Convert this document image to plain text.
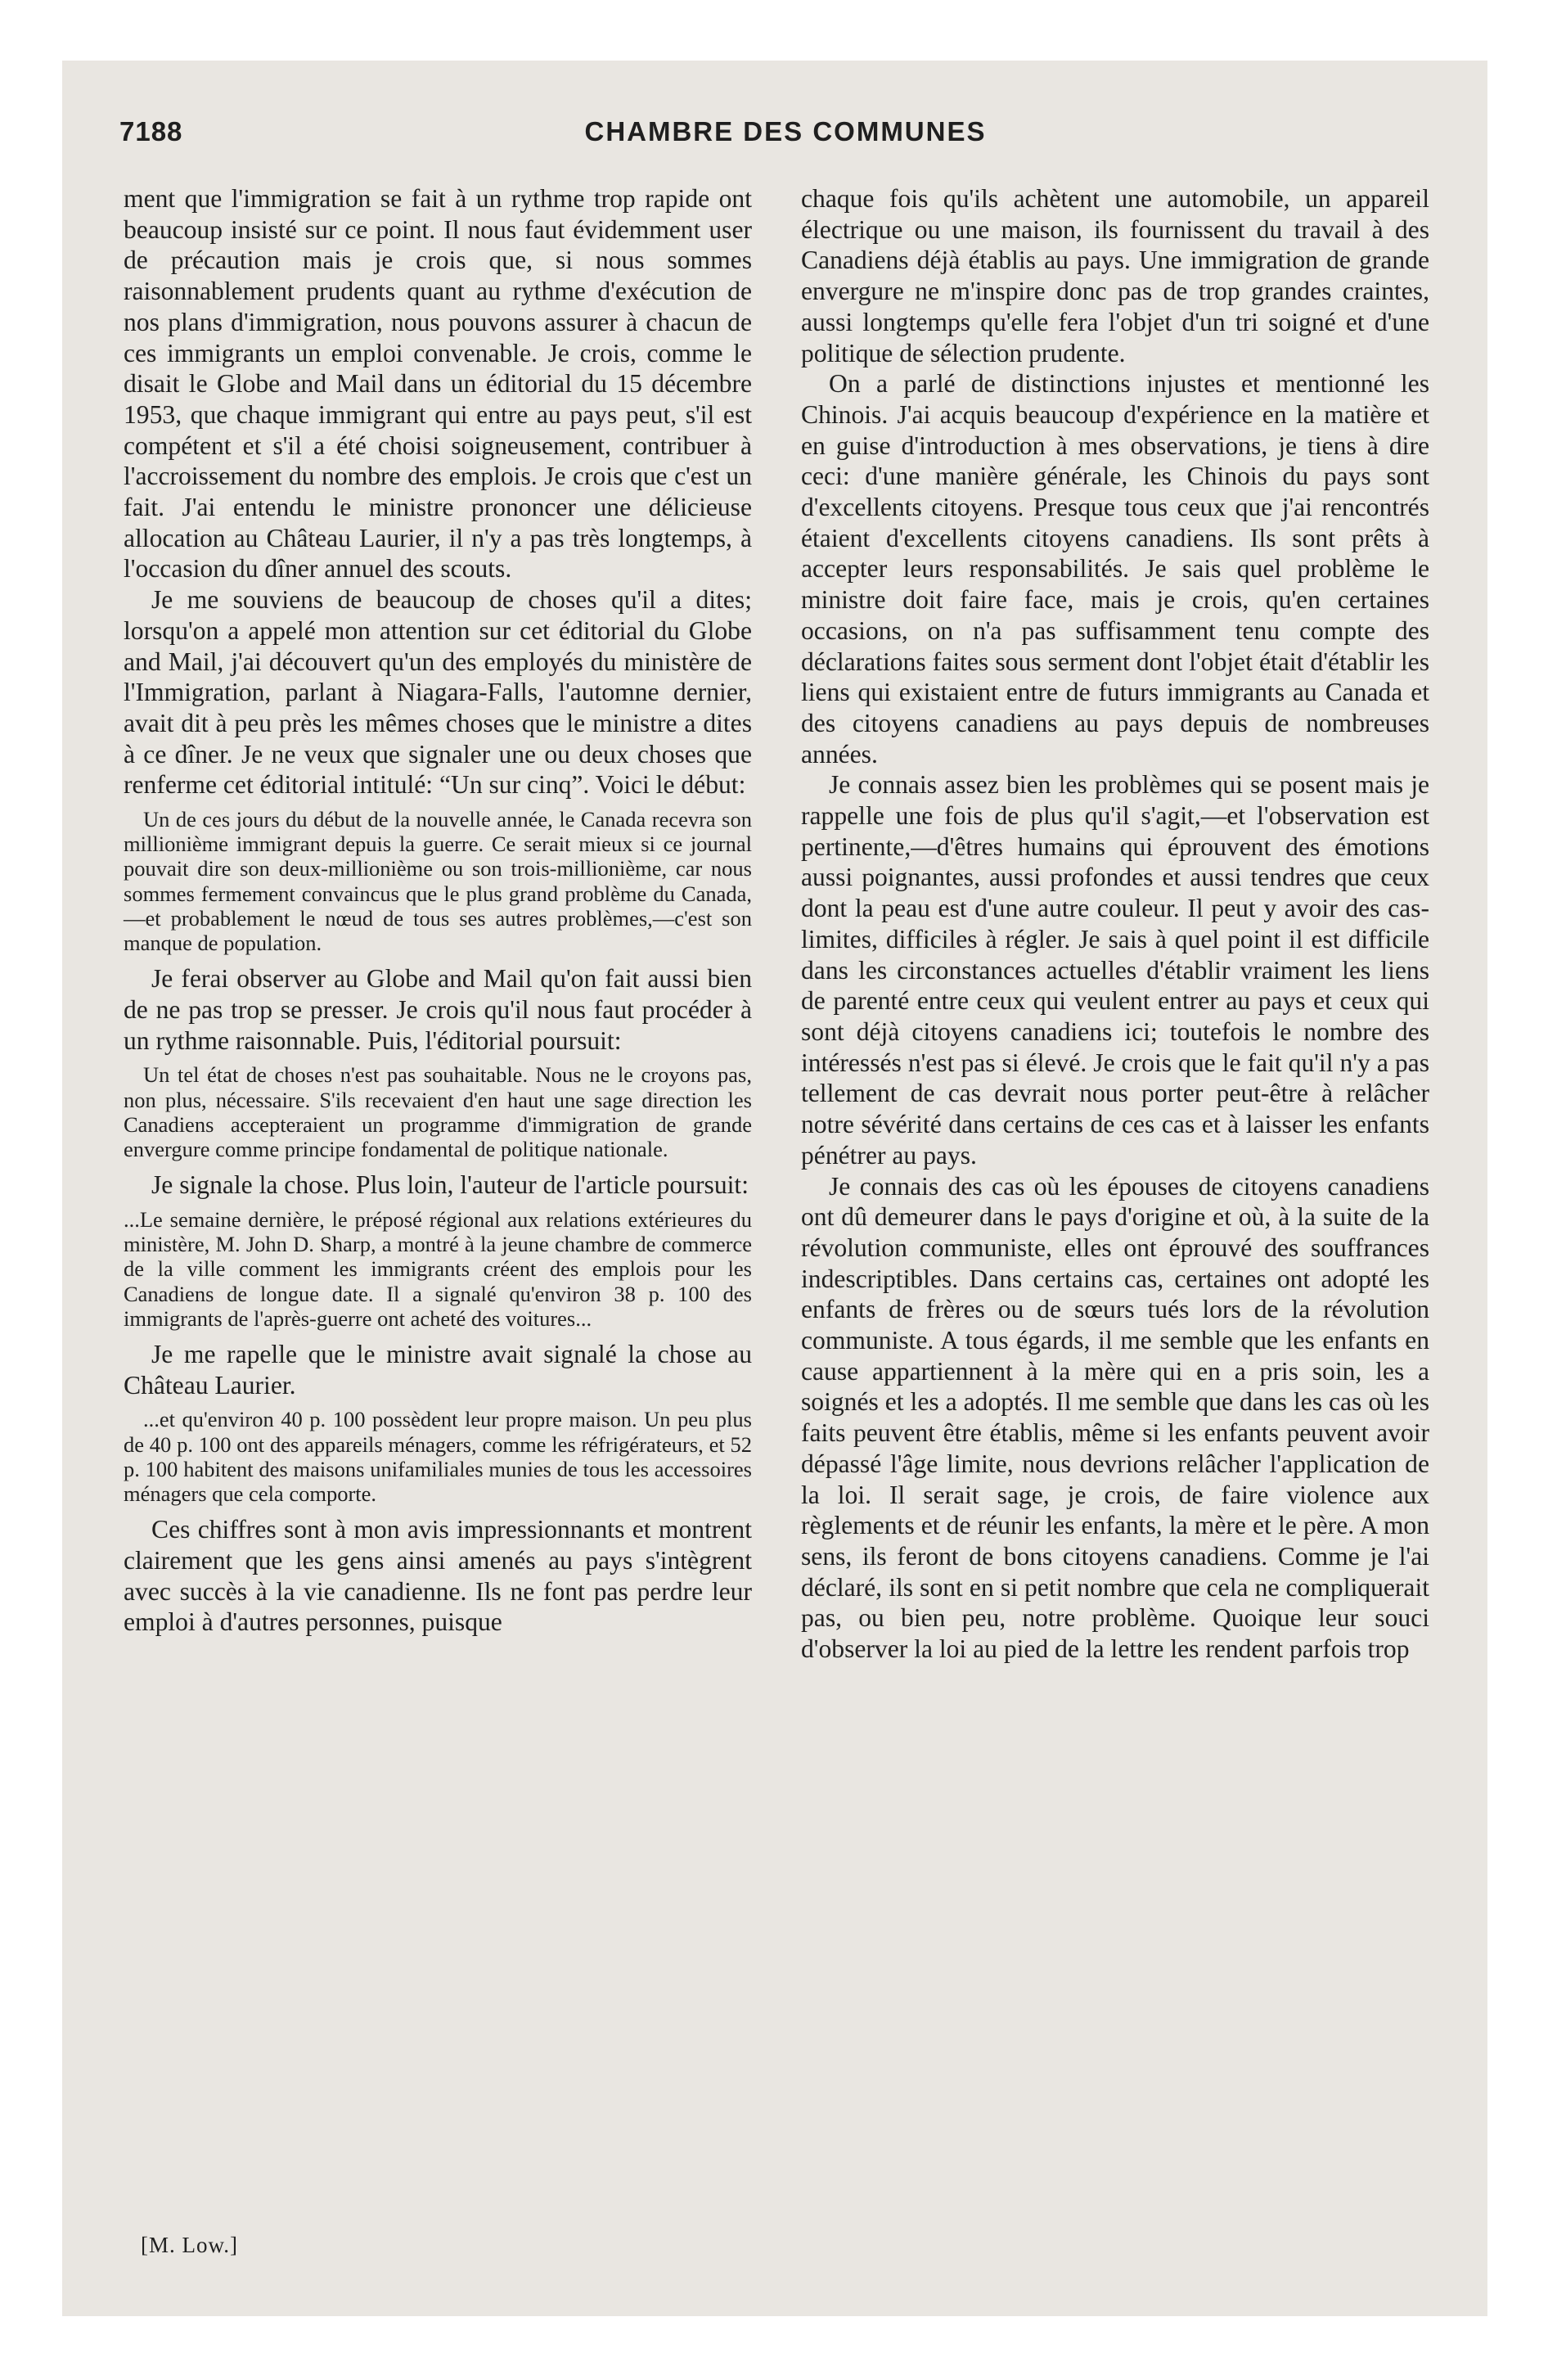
7188	CHAMBRE DES COMMUNES

ment que l'immigration se fait à un rythme trop rapide ont beaucoup insisté sur ce point. Il nous faut évidemment user de précaution mais je crois que, si nous sommes raisonnablement prudents quant au rythme d'exécution de nos plans d'immigration, nous pouvons assurer à chacun de ces immigrants un emploi convenable. Je crois, comme le disait le Globe and Mail dans un éditorial du 15 décembre 1953, que chaque immigrant qui entre au pays peut, s'il est compétent et s'il a été choisi soigneusement, contribuer à l'accroissement du nombre des emplois. Je crois que c'est un fait. J'ai entendu le ministre prononcer une délicieuse allocation au Château Laurier, il n'y a pas très longtemps, à l'occasion du dîner annuel des scouts.

Je me souviens de beaucoup de choses qu'il a dites; lorsqu'on a appelé mon attention sur cet éditorial du Globe and Mail, j'ai découvert qu'un des employés du ministère de l'Immigration, parlant à Niagara-Falls, l'automne dernier, avait dit à peu près les mêmes choses que le ministre a dites à ce dîner. Je ne veux que signaler une ou deux choses que renferme cet éditorial intitulé: “Un sur cinq”. Voici le début:

Un de ces jours du début de la nouvelle année, le Canada recevra son millionième immigrant depuis la guerre. Ce serait mieux si ce journal pouvait dire son deux-millionième ou son trois-millionième, car nous sommes fermement convaincus que le plus grand problème du Canada,—et probablement le nœud de tous ses autres problèmes,—c'est son manque de population.

Je ferai observer au Globe and Mail qu'on fait aussi bien de ne pas trop se presser. Je crois qu'il nous faut procéder à un rythme raisonnable. Puis, l'éditorial poursuit:

Un tel état de choses n'est pas souhaitable. Nous ne le croyons pas, non plus, nécessaire. S'ils recevaient d'en haut une sage direction les Canadiens accepteraient un programme d'immigration de grande envergure comme principe fondamental de politique nationale.

Je signale la chose. Plus loin, l'auteur de l'article poursuit:

...Le semaine dernière, le préposé régional aux relations extérieures du ministère, M. John D. Sharp, a montré à la jeune chambre de commerce de la ville comment les immigrants créent des emplois pour les Canadiens de longue date. Il a signalé qu'environ 38 p. 100 des immigrants de l'après-guerre ont acheté des voitures...

Je me rapelle que le ministre avait signalé la chose au Château Laurier.

...et qu'environ 40 p. 100 possèdent leur propre maison. Un peu plus de 40 p. 100 ont des appareils ménagers, comme les réfrigérateurs, et 52 p. 100 habitent des maisons unifamiliales munies de tous les accessoires ménagers que cela comporte.

Ces chiffres sont à mon avis impressionnants et montrent clairement que les gens ainsi amenés au pays s'intègrent avec succès à la vie canadienne. Ils ne font pas perdre leur emploi à d'autres personnes, puisque

chaque fois qu'ils achètent une automobile, un appareil électrique ou une maison, ils fournissent du travail à des Canadiens déjà établis au pays. Une immigration de grande envergure ne m'inspire donc pas de trop grandes craintes, aussi longtemps qu'elle fera l'objet d'un tri soigné et d'une politique de sélection prudente.

On a parlé de distinctions injustes et mentionné les Chinois. J'ai acquis beaucoup d'expérience en la matière et en guise d'introduction à mes observations, je tiens à dire ceci: d'une manière générale, les Chinois du pays sont d'excellents citoyens. Presque tous ceux que j'ai rencontrés étaient d'excellents citoyens canadiens. Ils sont prêts à accepter leurs responsabilités. Je sais quel problème le ministre doit faire face, mais je crois, qu'en certaines occasions, on n'a pas suffisamment tenu compte des déclarations faites sous serment dont l'objet était d'établir les liens qui existaient entre de futurs immigrants au Canada et des citoyens canadiens au pays depuis de nombreuses années.

Je connais assez bien les problèmes qui se posent mais je rappelle une fois de plus qu'il s'agit,—et l'observation est pertinente,—d'êtres humains qui éprouvent des émotions aussi poignantes, aussi profondes et aussi tendres que ceux dont la peau est d'une autre couleur. Il peut y avoir des cas-limites, difficiles à régler. Je sais à quel point il est difficile dans les circonstances actuelles d'établir vraiment les liens de parenté entre ceux qui veulent entrer au pays et ceux qui sont déjà citoyens canadiens ici; toutefois le nombre des intéressés n'est pas si élevé. Je crois que le fait qu'il n'y a pas tellement de cas devrait nous porter peut-être à relâcher notre sévérité dans certains de ces cas et à laisser les enfants pénétrer au pays.

Je connais des cas où les épouses de citoyens canadiens ont dû demeurer dans le pays d'origine et où, à la suite de la révolution communiste, elles ont éprouvé des souffrances indescriptibles. Dans certains cas, certaines ont adopté les enfants de frères ou de sœurs tués lors de la révolution communiste. A tous égards, il me semble que les enfants en cause appartiennent à la mère qui en a pris soin, les a soignés et les a adoptés. Il me semble que dans les cas où les faits peuvent être établis, même si les enfants peuvent avoir dépassé l'âge limite, nous devrions relâcher l'application de la loi. Il serait sage, je crois, de faire violence aux règlements et de réunir les enfants, la mère et le père. A mon sens, ils feront de bons citoyens canadiens. Comme je l'ai déclaré, ils sont en si petit nombre que cela ne compliquerait pas, ou bien peu, notre problème. Quoique leur souci d'observer la loi au pied de la lettre les rendent parfois trop

[M. Low.]
